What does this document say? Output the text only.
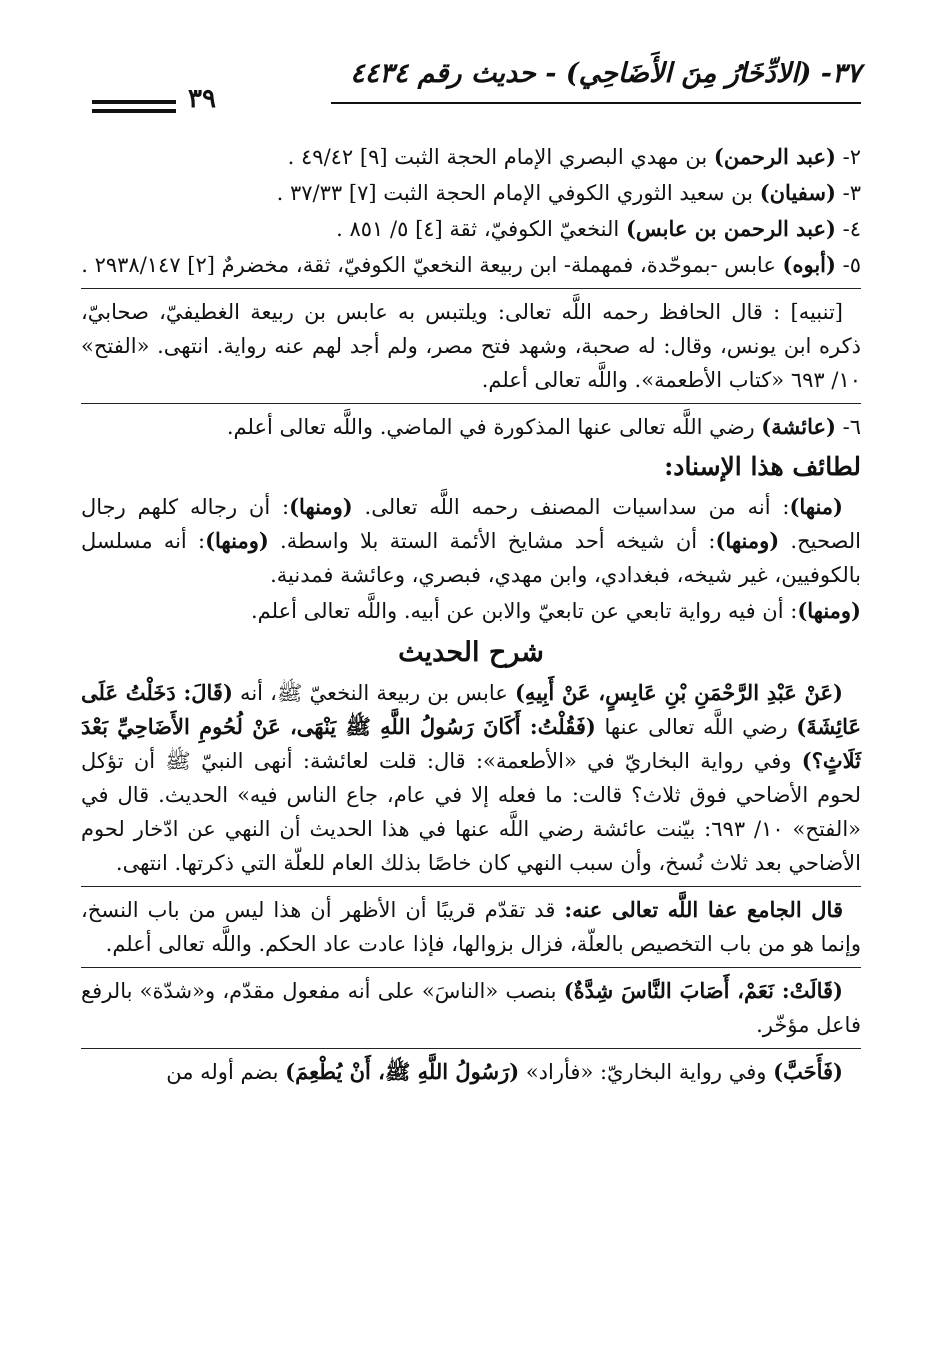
٣٧- (الادِّخَارُ مِنَ الأَضَاحِي) - حديث رقم ٤٤٣٤
٣٩

٢- (عبد الرحمن) بن مهدي البصري الإمام الحجة الثبت [٩] ٤٩/٤٢ .

٣- (سفيان) بن سعيد الثوري الكوفي الإمام الحجة الثبت [٧] ٣٧/٣٣ .

٤- (عبد الرحمن بن عابس) النخعيّ الكوفيّ، ثقة [٤] ٥/ ٨٥١ .

٥- (أبوه) عابس -بموحّدة، فمهملة- ابن ربيعة النخعيّ الكوفيّ، ثقة، مخضرمٌ [٢] ٢٩٣٨/١٤٧ .

[تنبيه] : قال الحافظ رحمه اللَّه تعالى: ويلتبس به عابس بن ربيعة الغطيفيّ، صحابيّ، ذكره ابن يونس، وقال: له صحبة، وشهد فتح مصر، ولم أجد لهم عنه رواية. انتهى. «الفتح» ١٠/ ٦٩٣ «كتاب الأطعمة». واللَّه تعالى أعلم.

٦- (عائشة) رضي اللَّه تعالى عنها المذكورة في الماضي. واللَّه تعالى أعلم.

لطائف هذا الإسناد:

(منها): أنه من سداسيات المصنف رحمه اللَّه تعالى. (ومنها): أن رجاله كلهم رجال الصحيح. (ومنها): أن شيخه أحد مشايخ الأئمة الستة بلا واسطة. (ومنها): أنه مسلسل بالكوفيين، غير شيخه، فبغدادي، وابن مهدي، فبصري، وعائشة فمدنية.

(ومنها): أن فيه رواية تابعي عن تابعيّ والابن عن أبيه. واللَّه تعالى أعلم.

شرح الحديث

(عَنْ عَبْدِ الرَّحْمَنِ بْنِ عَابِسٍ، عَنْ أَبِيهِ) عابس بن ربيعة النخعيّ ﷺ، أنه (قَالَ: دَخَلْتُ عَلَى عَائِشَةَ) رضي اللَّه تعالى عنها (فَقُلْتُ: أَكَانَ رَسُولُ اللَّهِ ﷺ يَنْهَى، عَنْ لُحُومِ الأَضَاحِيِّ بَعْدَ ثَلَاثٍ؟) وفي رواية البخاريّ في «الأطعمة»: قال: قلت لعائشة: أنهى النبيّ ﷺ أن تؤكل لحوم الأضاحي فوق ثلاث؟ قالت: ما فعله إلا في عام، جاع الناس فيه» الحديث. قال في «الفتح» ١٠/ ٦٩٣: بيّنت عائشة رضي اللَّه عنها في هذا الحديث أن النهي عن ادّخار لحوم الأضاحي بعد ثلاث نُسخ، وأن سبب النهي كان خاصًا بذلك العام للعلّة التي ذكرتها. انتهى.

قال الجامع عفا اللَّه تعالى عنه: قد تقدّم قريبًا أن الأظهر أن هذا ليس من باب النسخ، وإنما هو من باب التخصيص بالعلّة، فزال بزوالها، فإذا عادت عاد الحكم. واللَّه تعالى أعلم.

(قَالَتْ: نَعَمْ، أَصَابَ النَّاسَ شِدَّةٌ) بنصب «الناسَ» على أنه مفعول مقدّم، و«شدّة» بالرفع فاعل مؤخّر.

(فَأَحَبَّ) وفي رواية البخاريّ: «فأراد» (رَسُولُ اللَّهِ ﷺ، أَنْ يُطْعِمَ) بضم أوله من
